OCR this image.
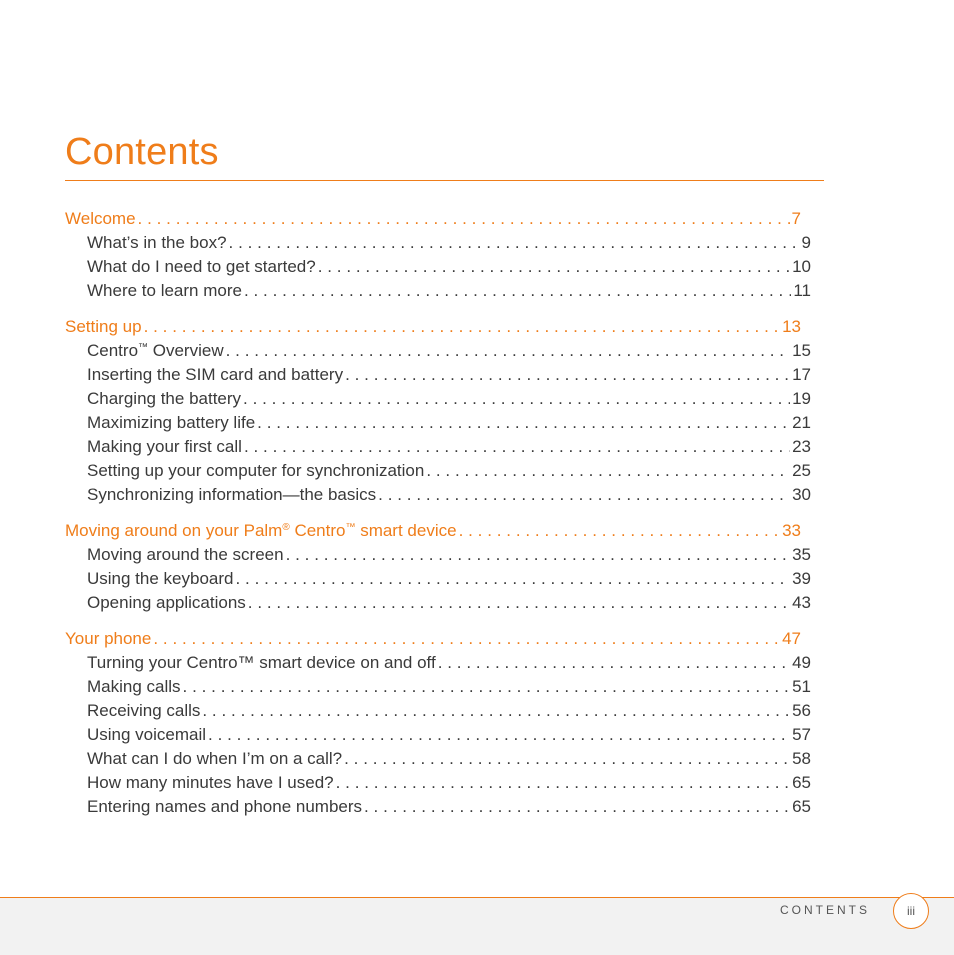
Contents
Welcome . . .	7
What’s in the box? . . .	9
What do I need to get started? . . .	10
Where to learn more . . .	11
Setting up . . .	13
Centro™ Overview . . .	15
Inserting the SIM card and battery . . .	17
Charging the battery . . .	19
Maximizing battery life . . .	21
Making your first call . . .	23
Setting up your computer for synchronization . . .	25
Synchronizing information—the basics . . .	30
Moving around on your Palm® Centro™ smart device . . .	33
Moving around the screen . . .	35
Using the keyboard . . .	39
Opening applications . . .	43
Your phone . . .	47
Turning your Centro™ smart device on and off . . .	49
Making calls . . .	51
Receiving calls . . .	56
Using voicemail . . .	57
What can I do when I’m on a call? . . .	58
How many minutes have I used? . . .	65
Entering names and phone numbers . . .	65
CONTENTS	iii
